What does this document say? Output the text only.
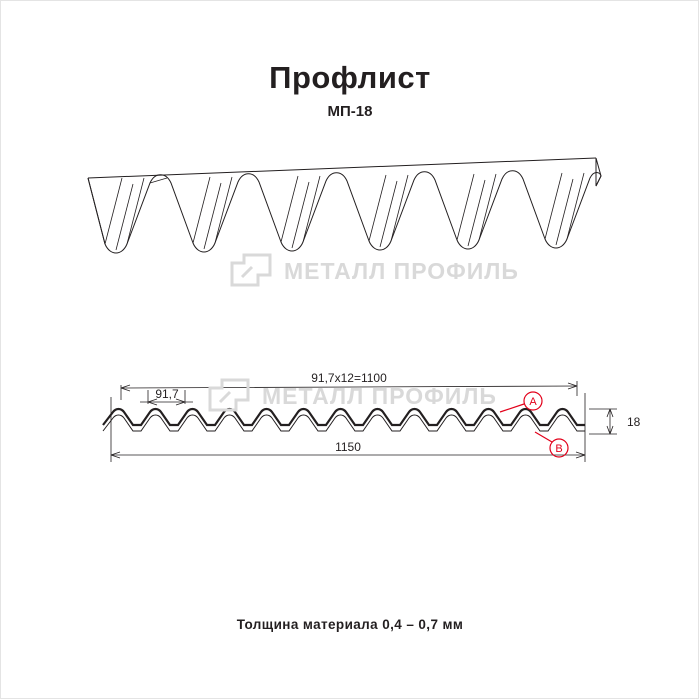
Профлист
МП-18
1150
91,7x12=1100
91,7
18
A
B
МЕТАЛЛ ПРОФИЛЬ
МЕТАЛЛ ПРОФИЛЬ
Толщина материала 0,4 – 0,7 мм
